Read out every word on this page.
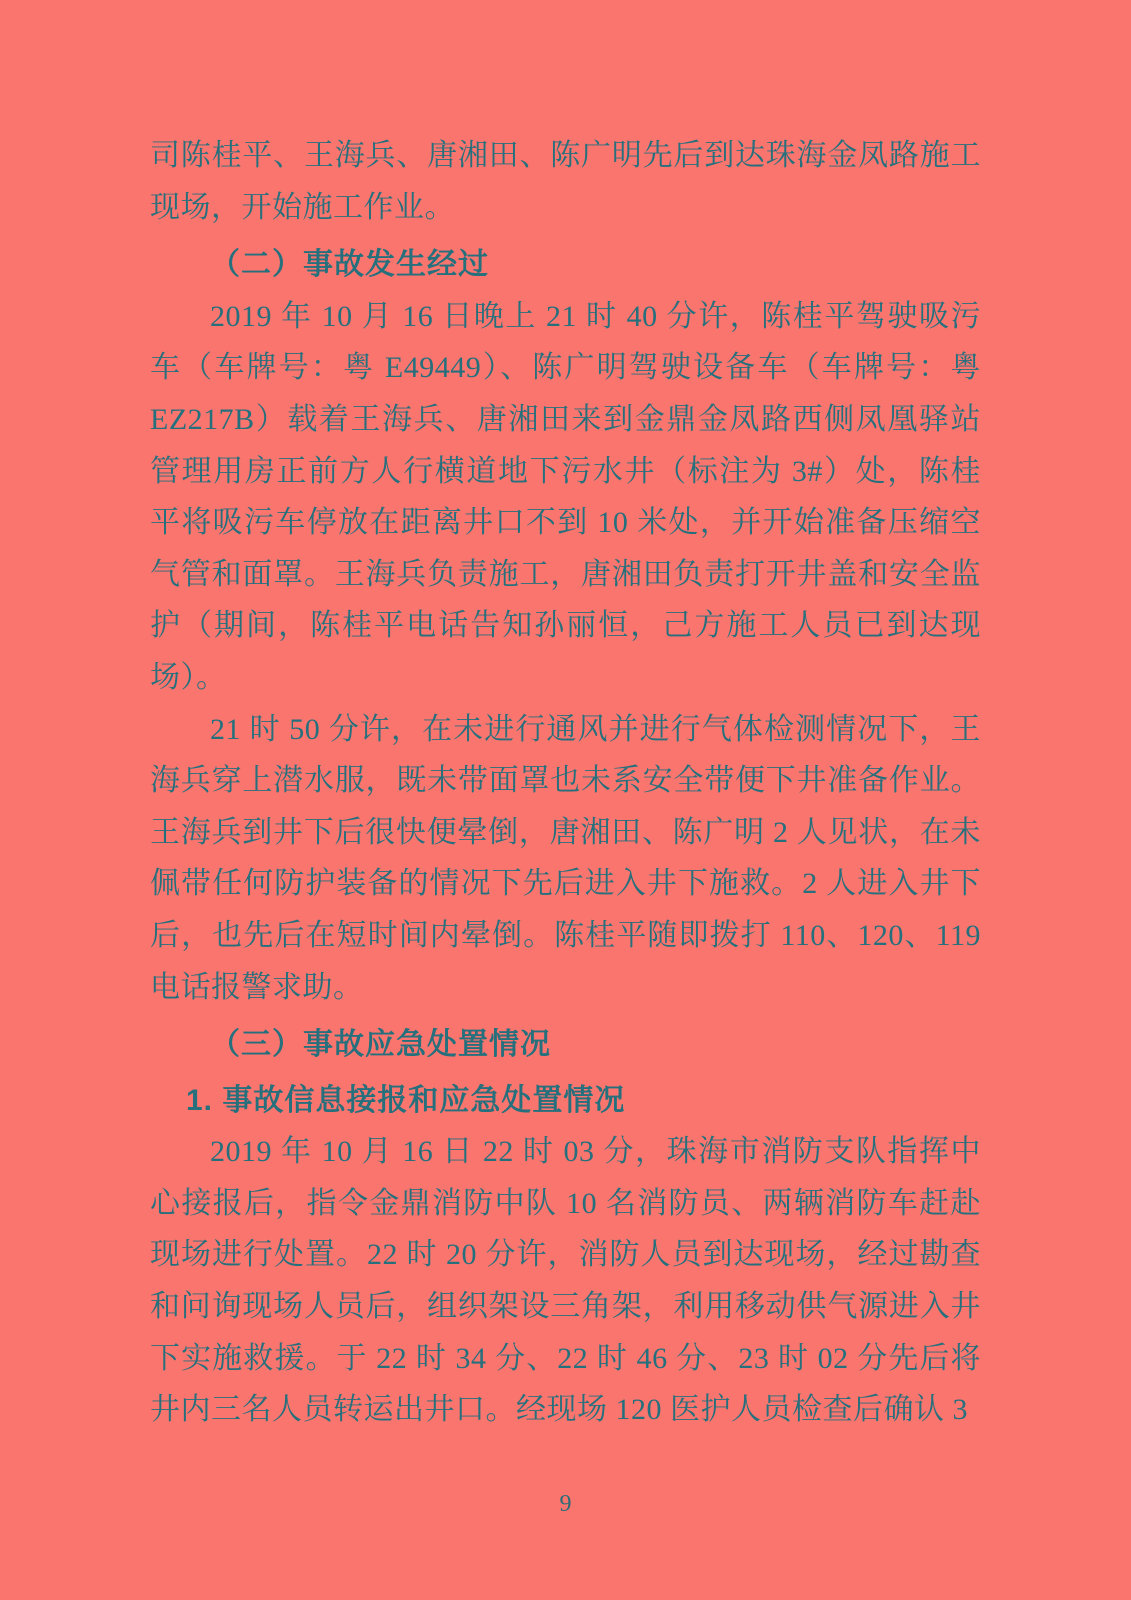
司陈桂平、王海兵、唐湘田、陈广明先后到达珠海金凤路施工现场，开始施工作业。

（二）事故发生经过

2019 年 10 月 16 日晚上 21 时 40 分许，陈桂平驾驶吸污车（车牌号：粤 E49449）、陈广明驾驶设备车（车牌号：粤 EZ217B）载着王海兵、唐湘田来到金鼎金凤路西侧凤凰驿站管理用房正前方人行横道地下污水井（标注为 3#）处，陈桂平将吸污车停放在距离井口不到 10 米处，并开始准备压缩空气管和面罩。王海兵负责施工，唐湘田负责打开井盖和安全监护（期间，陈桂平电话告知孙丽恒，己方施工人员已到达现场）。

21 时 50 分许，在未进行通风并进行气体检测情况下，王海兵穿上潜水服，既未带面罩也未系安全带便下井准备作业。王海兵到井下后很快便晕倒，唐湘田、陈广明 2 人见状，在未佩带任何防护装备的情况下先后进入井下施救。2 人进入井下后，也先后在短时间内晕倒。陈桂平随即拨打 110、120、119 电话报警求助。

（三）事故应急处置情况

1. 事故信息接报和应急处置情况

2019 年 10 月 16 日 22 时 03 分，珠海市消防支队指挥中心接报后，指令金鼎消防中队 10 名消防员、两辆消防车赶赴现场进行处置。22 时 20 分许，消防人员到达现场，经过勘查和问询现场人员后，组织架设三角架，利用移动供气源进入井下实施救援。于 22 时 34 分、22 时 46 分、23 时 02 分先后将井内三名人员转运出井口。经现场 120 医护人员检查后确认 3

9
